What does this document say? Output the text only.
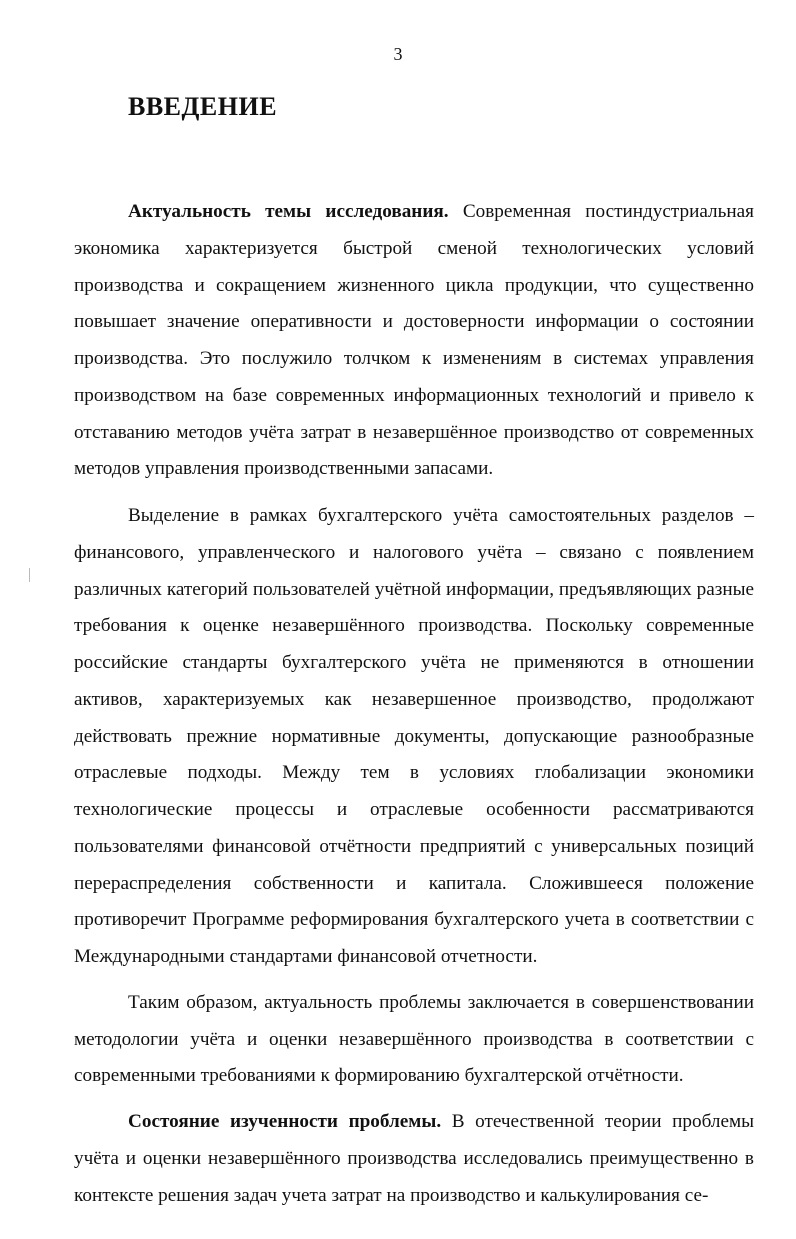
3
ВВЕДЕНИЕ

Актуальность темы исследования. Современная постиндустриальная экономика характеризуется быстрой сменой технологических условий производства и сокращением жизненного цикла продукции, что существенно повышает значение оперативности и достоверности информации о состоянии производства. Это послужило толчком к изменениям в системах управления производством на базе современных информационных технологий и привело к отставанию методов учёта затрат в незавершённое производство от современных методов управления производственными запасами.

Выделение в рамках бухгалтерского учёта самостоятельных разделов – финансового, управленческого и налогового учёта – связано с появлением различных категорий пользователей учётной информации, предъявляющих разные требования к оценке незавершённого производства. Поскольку современные российские стандарты бухгалтерского учёта не применяются в отношении активов, характеризуемых как незавершенное производство, продолжают действовать прежние нормативные документы, допускающие разнообразные отраслевые подходы. Между тем в условиях глобализации экономики технологические процессы и отраслевые особенности рассматриваются пользователями финансовой отчётности предприятий с универсальных позиций перераспределения собственности и капитала. Сложившееся положение противоречит Программе реформирования бухгалтерского учета в соответствии с Международными стандартами финансовой отчетности.

Таким образом, актуальность проблемы заключается в совершенствовании методологии учёта и оценки незавершённого производства в соответствии с современными требованиями к формированию бухгалтерской отчётности.

Состояние изученности проблемы. В отечественной теории проблемы учёта и оценки незавершённого производства исследовались преимущественно в контексте решения задач учета затрат на производство и калькулирования се-
